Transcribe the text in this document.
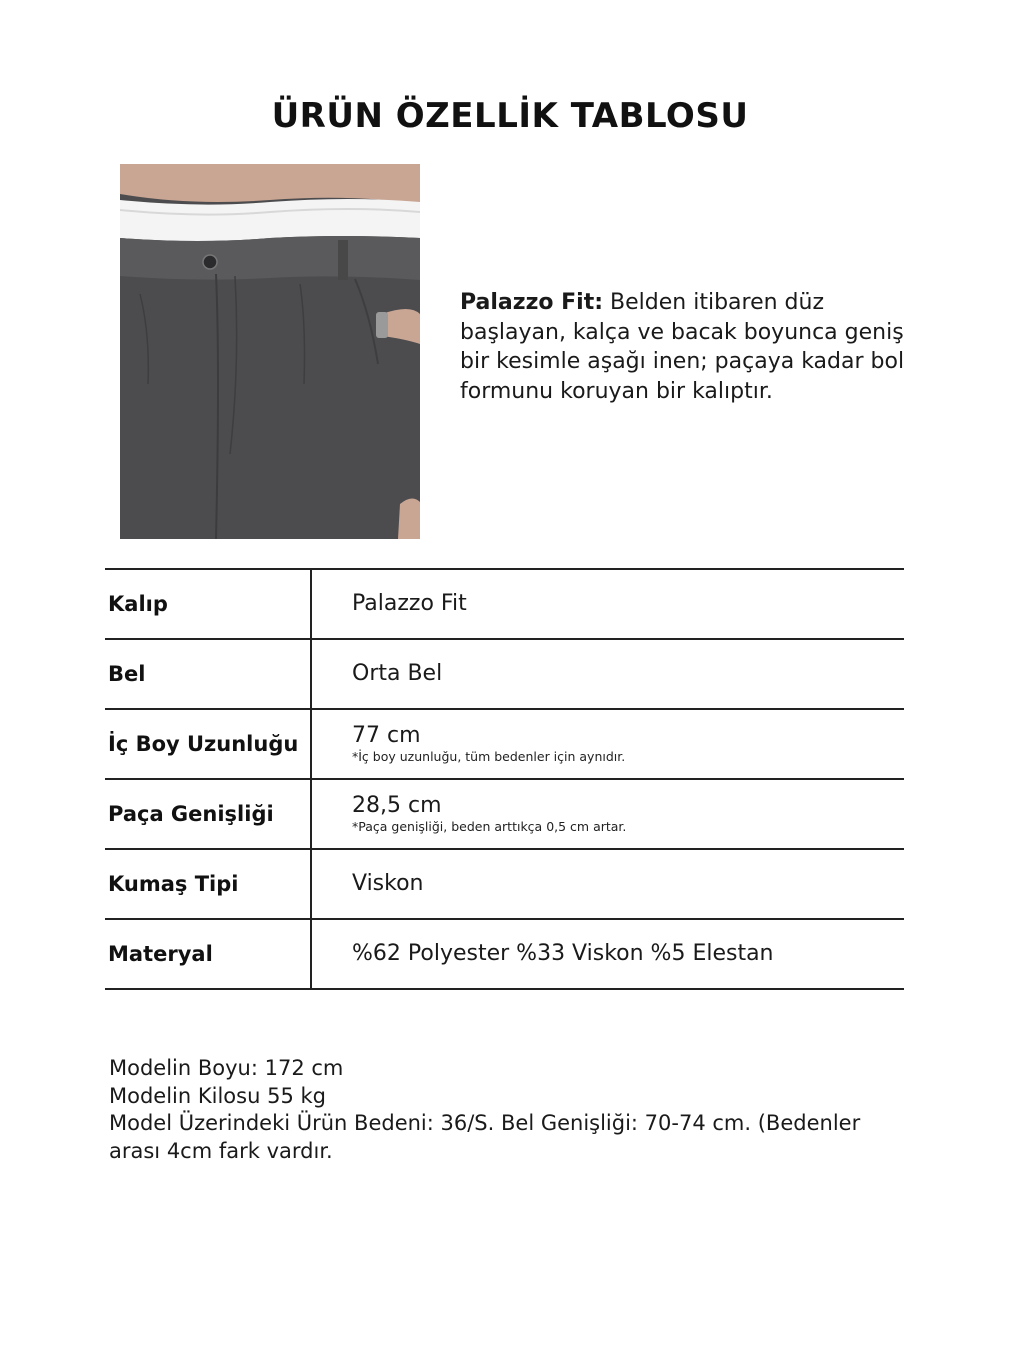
ÜRÜN ÖZELLİK TABLOSU
Palazzo Fit: Belden itibaren düz başlayan, kalça ve bacak boyunca geniş bir kesimle aşağı inen; paçaya kadar bol formunu koruyan bir kalıptır.
Kalıp	Palazzo Fit

Bel	Orta Bel

İç Boy Uzunluğu	77 cm
*İç boy uzunluğu, tüm bedenler için aynıdır.

Paça Genişliği	28,5 cm
*Paça genişliği, beden arttıkça 0,5 cm artar.

Kumaş Tipi	Viskon

Materyal	%62 Polyester %33 Viskon %5 Elestan
Modelin Boyu: 172 cm
Modelin Kilosu 55 kg
Model Üzerindeki Ürün Bedeni: 36/S. Bel Genişliği: 70-74 cm. (Bedenler arası 4cm fark vardır.
